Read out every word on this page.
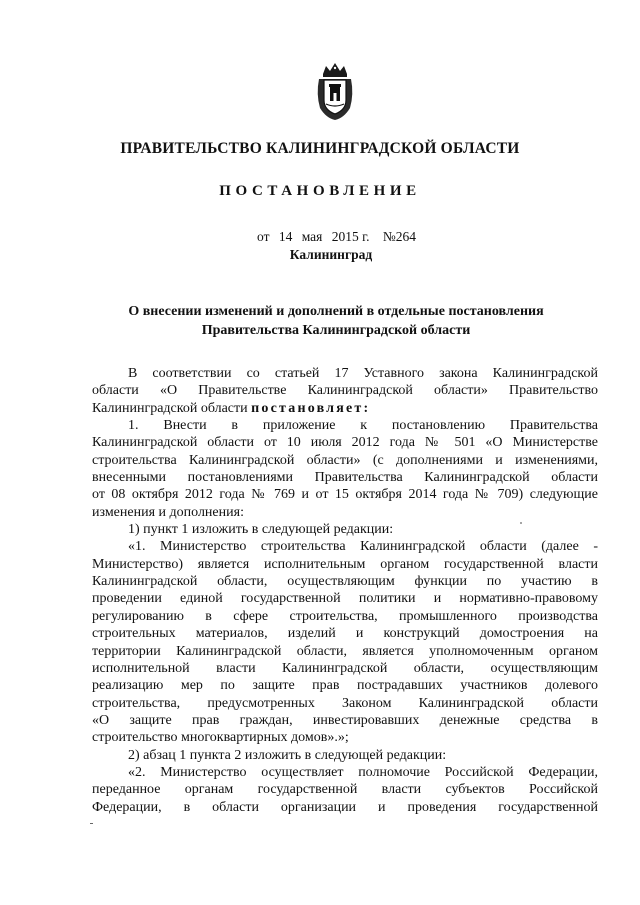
ПРАВИТЕЛЬСТВО КАЛИНИНГРАДСКОЙ ОБЛАСТИ
ПОСТАНОВЛЕНИЕ
от 14 мая 2015 г. №264
Калининград
О внесении изменений и дополнений в отдельные постановления
Правительства Калининградской области
В соответствии со статьей 17 Уставного закона Калининградской
области «О Правительстве Калининградской области» Правительство
Калининградской области постановляет:
1. Внести в приложение к постановлению Правительства
Калининградской области от 10 июля 2012 года № 501 «О Министерстве
строительства Калининградской области» (с дополнениями и изменениями,
внесенными постановлениями Правительства Калининградской области
от 08 октября 2012 года № 769 и от 15 октября 2014 года № 709) следующие
изменения и дополнения:
1) пункт 1 изложить в следующей редакции:
«1. Министерство строительства Калининградской области (далее -
Министерство) является исполнительным органом государственной власти
Калининградской области, осуществляющим функции по участию в
проведении единой государственной политики и нормативно-правовому
регулированию в сфере строительства, промышленного производства
строительных материалов, изделий и конструкций домостроения на
территории Калининградской области, является уполномоченным органом
исполнительной власти Калининградской области, осуществляющим
реализацию мер по защите прав пострадавших участников долевого
строительства, предусмотренных Законом Калининградской области
«О защите прав граждан, инвестировавших денежные средства в
строительство многоквартирных домов».»;
2) абзац 1 пункта 2 изложить в следующей редакции:
«2. Министерство осуществляет полномочие Российской Федерации,
переданное органам государственной власти субъектов Российской
Федерации, в области организации и проведения государственной
